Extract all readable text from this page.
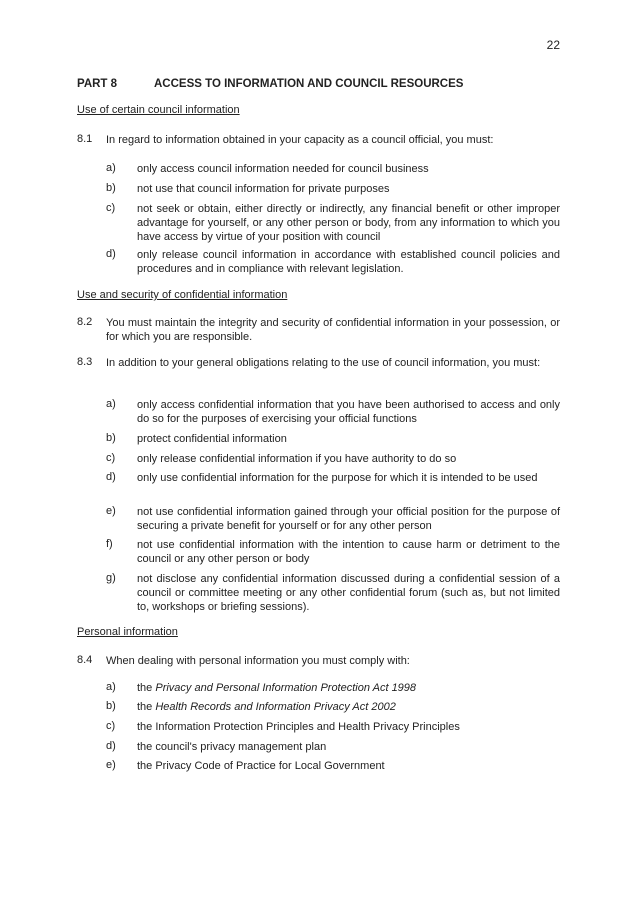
22
PART 8	ACCESS TO INFORMATION AND COUNCIL RESOURCES
Use of certain council information
8.1 In regard to information obtained in your capacity as a council official, you must:
a) only access council information needed for council business
b) not use that council information for private purposes
c) not seek or obtain, either directly or indirectly, any financial benefit or other improper advantage for yourself, or any other person or body, from any information to which you have access by virtue of your position with council
d) only release council information in accordance with established council policies and procedures and in compliance with relevant legislation.
Use and security of confidential information
8.2 You must maintain the integrity and security of confidential information in your possession, or for which you are responsible.
8.3 In addition to your general obligations relating to the use of council information, you must:
a) only access confidential information that you have been authorised to access and only do so for the purposes of exercising your official functions
b) protect confidential information
c) only release confidential information if you have authority to do so
d) only use confidential information for the purpose for which it is intended to be used
e) not use confidential information gained through your official position for the purpose of securing a private benefit for yourself or for any other person
f) not use confidential information with the intention to cause harm or detriment to the council or any other person or body
g) not disclose any confidential information discussed during a confidential session of a council or committee meeting or any other confidential forum (such as, but not limited to, workshops or briefing sessions).
Personal information
8.4 When dealing with personal information you must comply with:
a) the Privacy and Personal Information Protection Act 1998
b) the Health Records and Information Privacy Act 2002
c) the Information Protection Principles and Health Privacy Principles
d) the council's privacy management plan
e) the Privacy Code of Practice for Local Government
